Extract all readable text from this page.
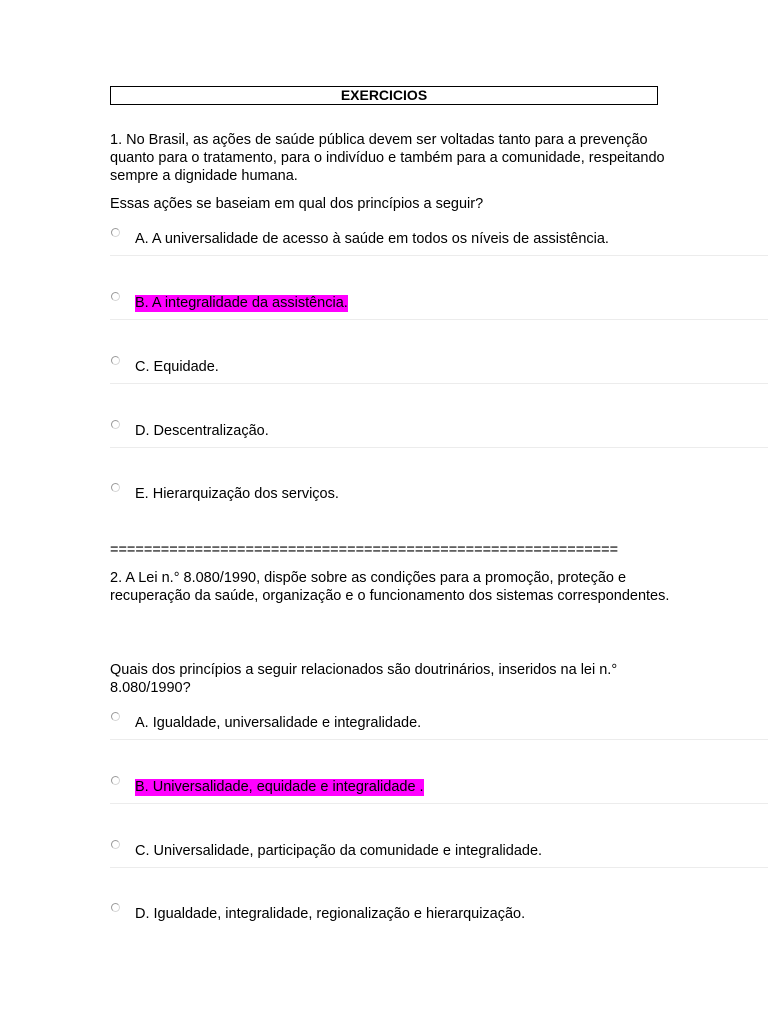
EXERCICIOS

1. No Brasil, as ações de saúde pública devem ser voltadas tanto para a prevenção quanto para o tratamento, para o indivíduo e também para a comunidade, respeitando sempre a dignidade humana.

Essas ações se baseiam em qual dos princípios a seguir?

A. A universalidade de acesso à saúde em todos os níveis de assistência.
B. A integralidade da assistência.
C. Equidade.
D. Descentralização.
E. Hierarquização dos serviços.
============================================================

2. A Lei n.° 8.080/1990, dispõe sobre as condições para a promoção, proteção e recuperação da saúde, organização e o funcionamento dos sistemas correspondentes.

Quais dos princípios a seguir relacionados são doutrinários, inseridos na lei n.° 8.080/1990?

A. Igualdade, universalidade e integralidade.
B. Universalidade, equidade e integralidade .
C. Universalidade, participação da comunidade e integralidade.
D. Igualdade, integralidade, regionalização e hierarquização.
